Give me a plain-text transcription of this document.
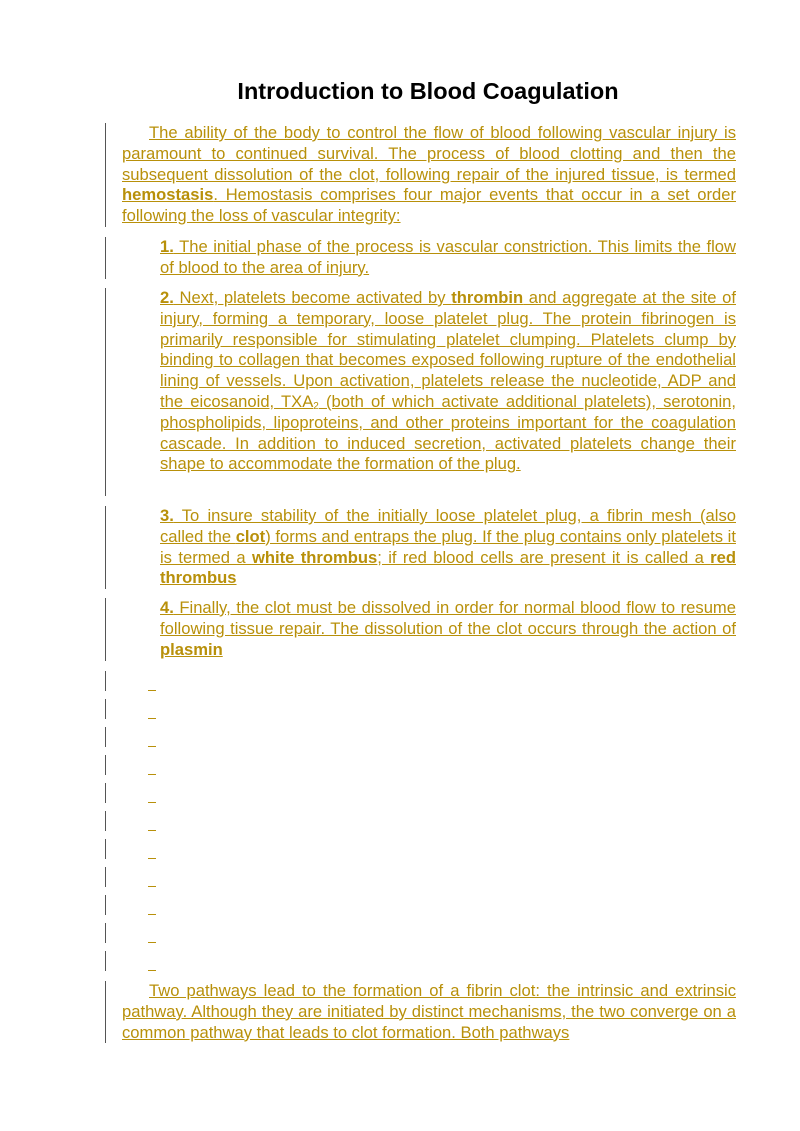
Introduction to Blood Coagulation
The ability of the body to control the flow of blood following vascular injury is paramount to continued survival. The process of blood clotting and then the subsequent dissolution of the clot, following repair of the injured tissue, is termed hemostasis. Hemostasis comprises four major events that occur in a set order following the loss of vascular integrity:
1. The initial phase of the process is vascular constriction. This limits the flow of blood to the area of injury.
2. Next, platelets become activated by thrombin and aggregate at the site of injury, forming a temporary, loose platelet plug. The protein fibrinogen is primarily responsible for stimulating platelet clumping. Platelets clump by binding to collagen that becomes exposed following rupture of the endothelial lining of vessels. Upon activation, platelets release the nucleotide, ADP and the eicosanoid, $TXA_2$ (both of which activate additional platelets), serotonin, phospholipids, lipoproteins, and other proteins important for the coagulation cascade. In addition to induced secretion, activated platelets change their shape to accommodate the formation of the plug.
3. To insure stability of the initially loose platelet plug, a fibrin mesh (also called the clot) forms and entraps the plug. If the plug contains only platelets it is termed a white thrombus; if red blood cells are present it is called a red thrombus
4. Finally, the clot must be dissolved in order for normal blood flow to resume following tissue repair. The dissolution of the clot occurs through the action of plasmin
Two pathways lead to the formation of a fibrin clot: the intrinsic and extrinsic pathway. Although they are initiated by distinct mechanisms, the two converge on a common pathway that leads to clot formation. Both pathways
